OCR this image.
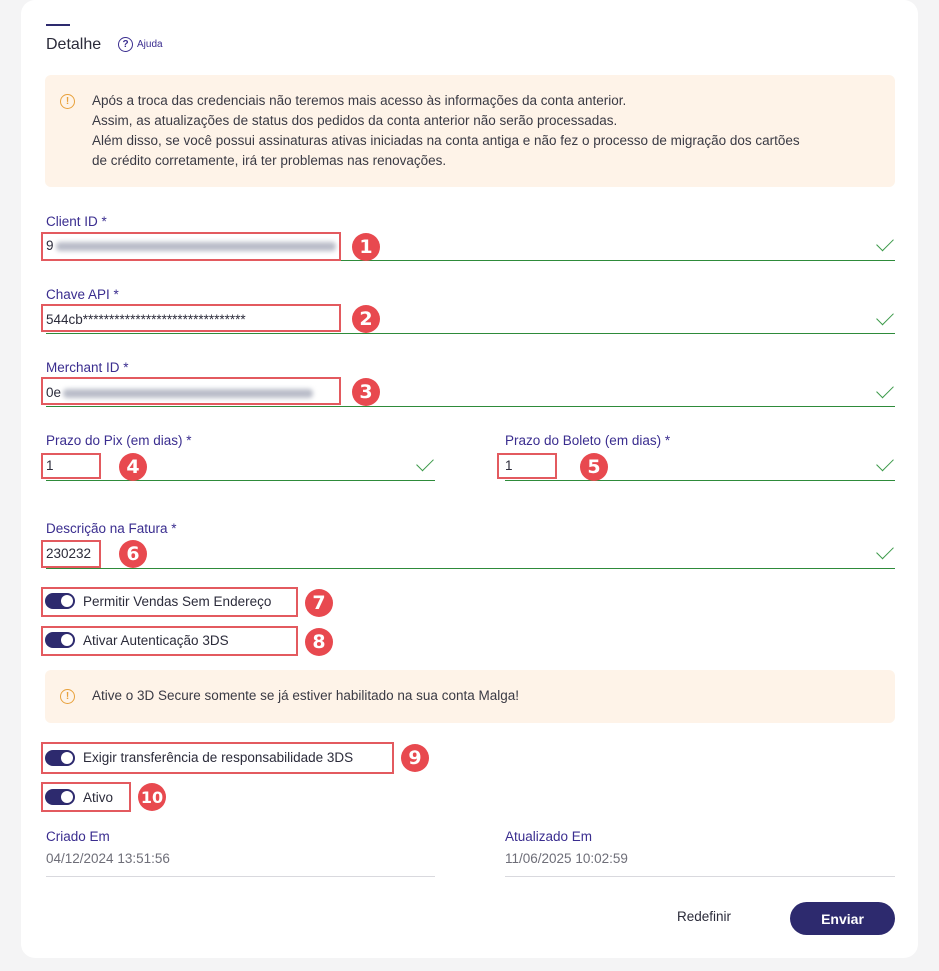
Detalhe	? Ajuda
!	Após a troca das credenciais não teremos mais acesso às informações da conta anterior.
Assim, as atualizações de status dos pedidos da conta anterior não serão processadas.
Além disso, se você possui assinaturas ativas iniciadas na conta antiga e não fez o processo de migração dos cartões
de crédito corretamente, irá ter problemas nas renovações.
Client ID *
9
Chave API *
544cb*******************************
Merchant ID *
0e
Prazo do Pix (em dias) *
1
Prazo do Boleto (em dias) *
1
Descrição na Fatura *
230232
Permitir Vendas Sem Endereço
Ativar Autenticação 3DS
!	Ative o 3D Secure somente se já estiver habilitado na sua conta Malga!
Exigir transferência de responsabilidade 3DS
Ativo
Criado Em
04/12/2024 13:51:56
Atualizado Em
11/06/2025 10:02:59
Redefinir	Enviar
1
2
3
4	5
6
7
8
9
10
